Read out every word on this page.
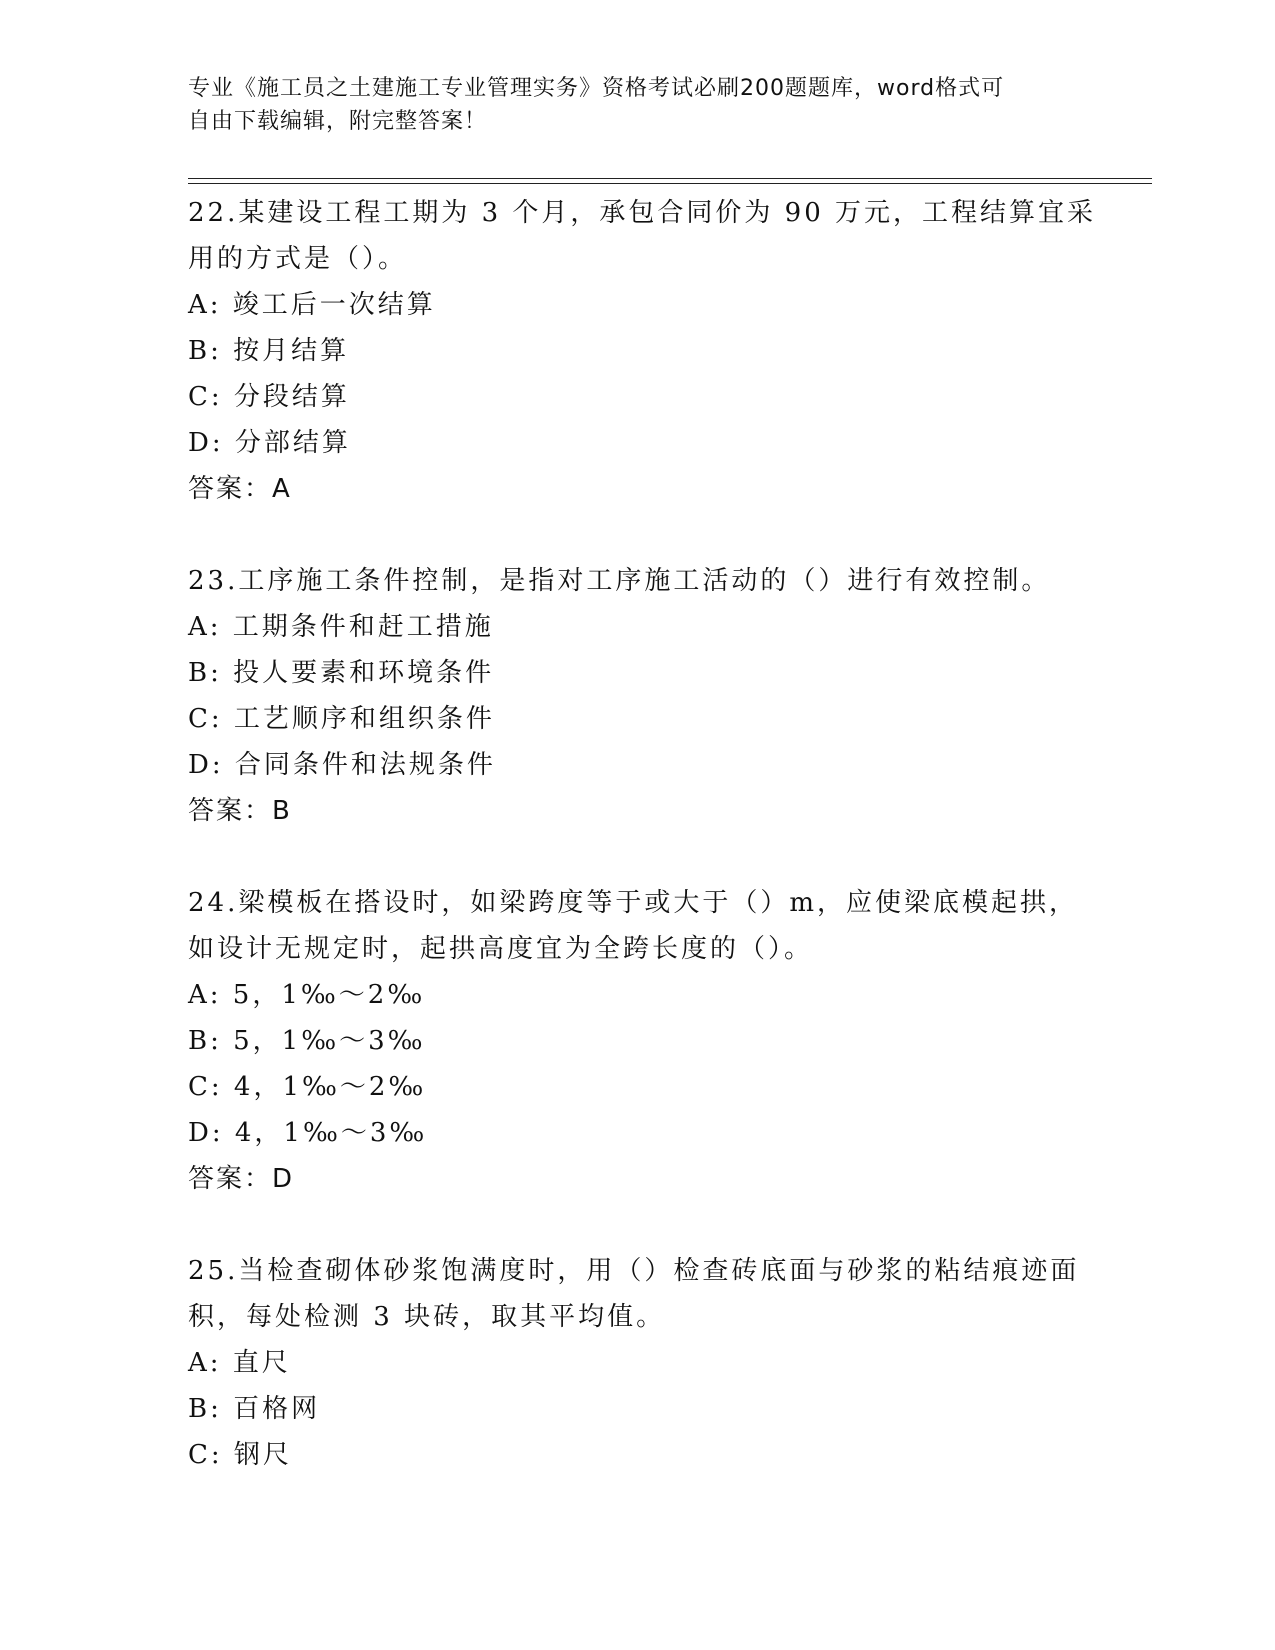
专业《施工员之土建施工专业管理实务》资格考试必刷200题题库，word格式可
自由下载编辑，附完整答案！
22.某建设工程工期为 3 个月，承包合同价为 90 万元，工程结算宜采
用的方式是（）。
A: 竣工后一次结算
B: 按月结算
C: 分段结算
D: 分部结算
答案：A
23.工序施工条件控制，是指对工序施工活动的（）进行有效控制。
A: 工期条件和赶工措施
B: 投人要素和环境条件
C: 工艺顺序和组织条件
D: 合同条件和法规条件
答案：B
24.梁模板在搭设时，如梁跨度等于或大于（）m，应使梁底模起拱，
如设计无规定时，起拱高度宜为全跨长度的（）。
A: 5，1‰～2‰
B: 5，1‰～3‰
C: 4，1‰～2‰
D: 4，1‰～3‰
答案：D
25.当检查砌体砂浆饱满度时，用（）检查砖底面与砂浆的粘结痕迹面
积，每处检测 3 块砖，取其平均值。
A: 直尺
B: 百格网
C: 钢尺
